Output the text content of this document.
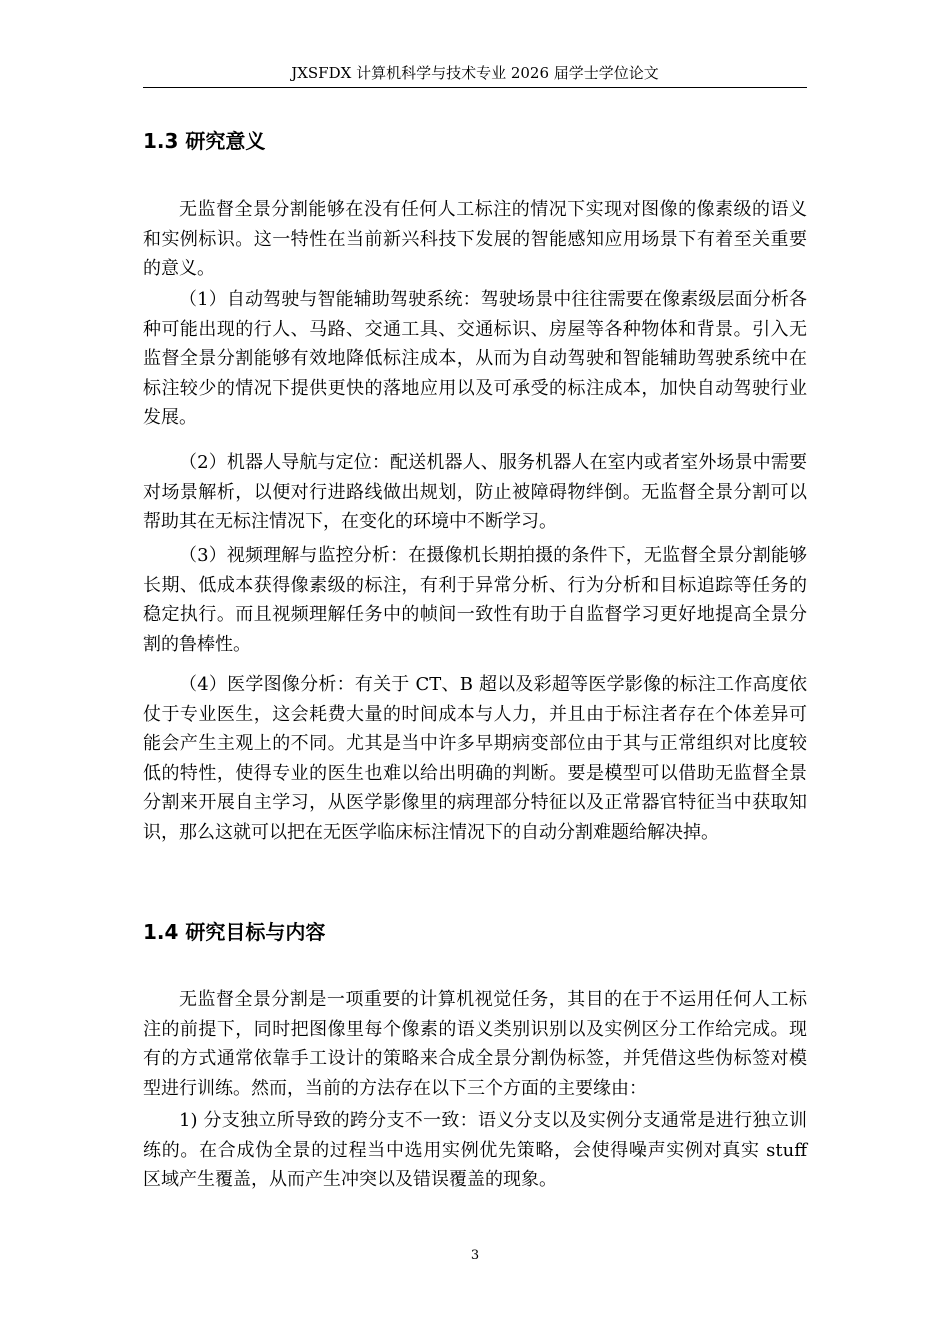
JXSFDX 计算机科学与技术专业 2026 届学士学位论文
1.3 研究意义

无监督全景分割能够在没有任何人工标注的情况下实现对图像的像素级的语义和实例标识。这一特性在当前新兴科技下发展的智能感知应用场景下有着至关重要的意义。

（1）自动驾驶与智能辅助驾驶系统：驾驶场景中往往需要在像素级层面分析各种可能出现的行人、马路、交通工具、交通标识、房屋等各种物体和背景。引入无监督全景分割能够有效地降低标注成本，从而为自动驾驶和智能辅助驾驶系统中在标注较少的情况下提供更快的落地应用以及可承受的标注成本，加快自动驾驶行业发展。

（2）机器人导航与定位：配送机器人、服务机器人在室内或者室外场景中需要对场景解析，以便对行进路线做出规划，防止被障碍物绊倒。无监督全景分割可以帮助其在无标注情况下，在变化的环境中不断学习。

（3）视频理解与监控分析：在摄像机长期拍摄的条件下，无监督全景分割能够长期、低成本获得像素级的标注，有利于异常分析、行为分析和目标追踪等任务的稳定执行。而且视频理解任务中的帧间一致性有助于自监督学习更好地提高全景分割的鲁棒性。

（4）医学图像分析：有关于 CT、B 超以及彩超等医学影像的标注工作高度依仗于专业医生，这会耗费大量的时间成本与人力，并且由于标注者存在个体差异可能会产生主观上的不同。尤其是当中许多早期病变部位由于其与正常组织对比度较低的特性，使得专业的医生也难以给出明确的判断。要是模型可以借助无监督全景分割来开展自主学习，从医学影像里的病理部分特征以及正常器官特征当中获取知识，那么这就可以把在无医学临床标注情况下的自动分割难题给解决掉。

1.4 研究目标与内容

无监督全景分割是一项重要的计算机视觉任务，其目的在于不运用任何人工标注的前提下，同时把图像里每个像素的语义类别识别以及实例区分工作给完成。现有的方式通常依靠手工设计的策略来合成全景分割伪标签，并凭借这些伪标签对模型进行训练。然而，当前的方法存在以下三个方面的主要缘由：

1) 分支独立所导致的跨分支不一致：语义分支以及实例分支通常是进行独立训练的。在合成伪全景的过程当中选用实例优先策略，会使得噪声实例对真实 stuff 区域产生覆盖，从而产生冲突以及错误覆盖的现象。

3
